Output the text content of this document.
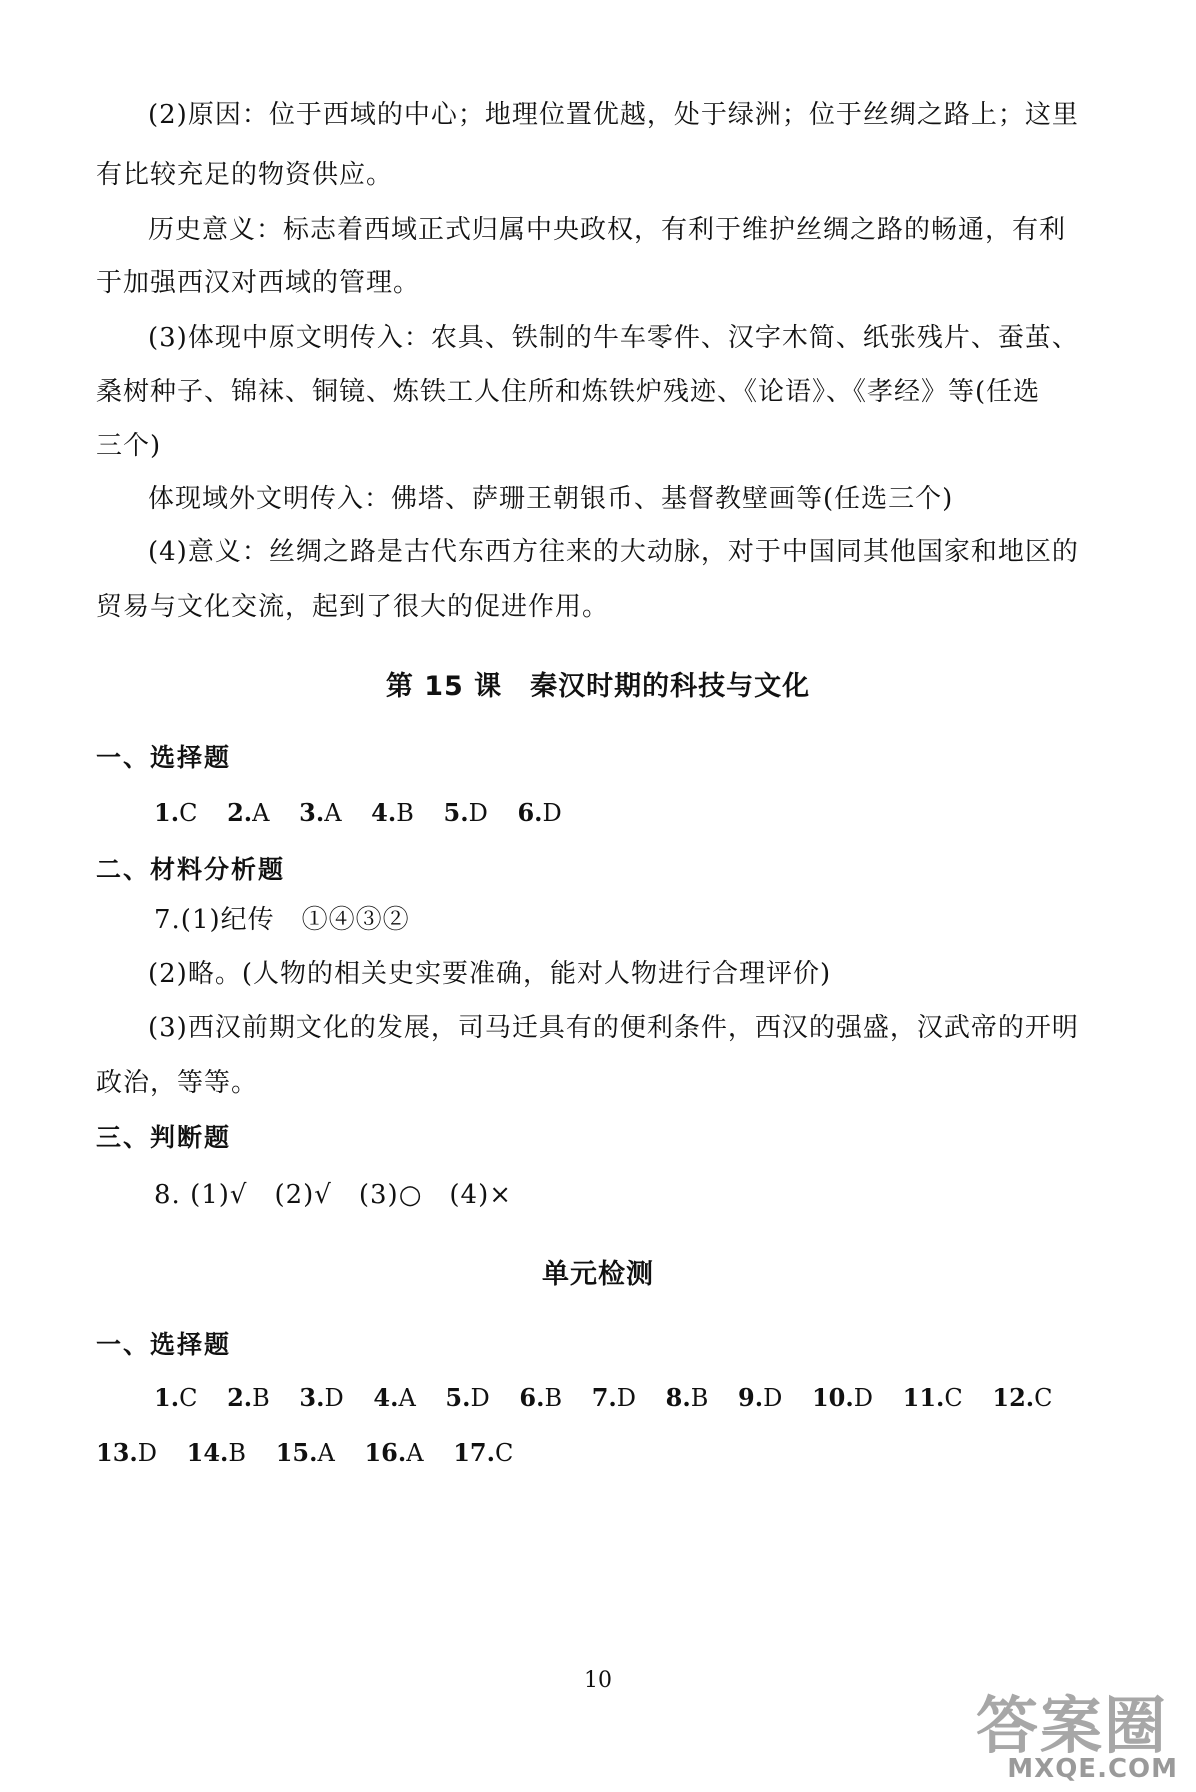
(2)原因：位于西域的中心；地理位置优越，处于绿洲；位于丝绸之路上；这里
有比较充足的物资供应。
历史意义：标志着西域正式归属中央政权，有利于维护丝绸之路的畅通，有利
于加强西汉对西域的管理。
(3)体现中原文明传入：农具、铁制的牛车零件、汉字木简、纸张残片、蚕茧、
桑树种子、锦袜、铜镜、炼铁工人住所和炼铁炉残迹、《论语》、《孝经》等(任选
三个)
体现域外文明传入：佛塔、萨珊王朝银币、基督教壁画等(任选三个)
(4)意义：丝绸之路是古代东西方往来的大动脉，对于中国同其他国家和地区的
贸易与文化交流，起到了很大的促进作用。
第 15 课　秦汉时期的科技与文化
一、选择题
1.C 2.A 3.A 4.B 5.D 6.D
二、材料分析题
7.(1)纪传　①④③②
(2)略。(人物的相关史实要准确，能对人物进行合理评价)
(3)西汉前期文化的发展，司马迁具有的便利条件，西汉的强盛，汉武帝的开明
政治，等等。
三、判断题
8. (1)√　(2)√　(3)○　(4)×
单元检测
一、选择题
1.C 2.B 3.D 4.A 5.D 6.B 7.D 8.B 9.D 10.D 11.C 12.C
13.D 14.B 15.A 16.A 17.C
10
答案圈
MXQE.COM
